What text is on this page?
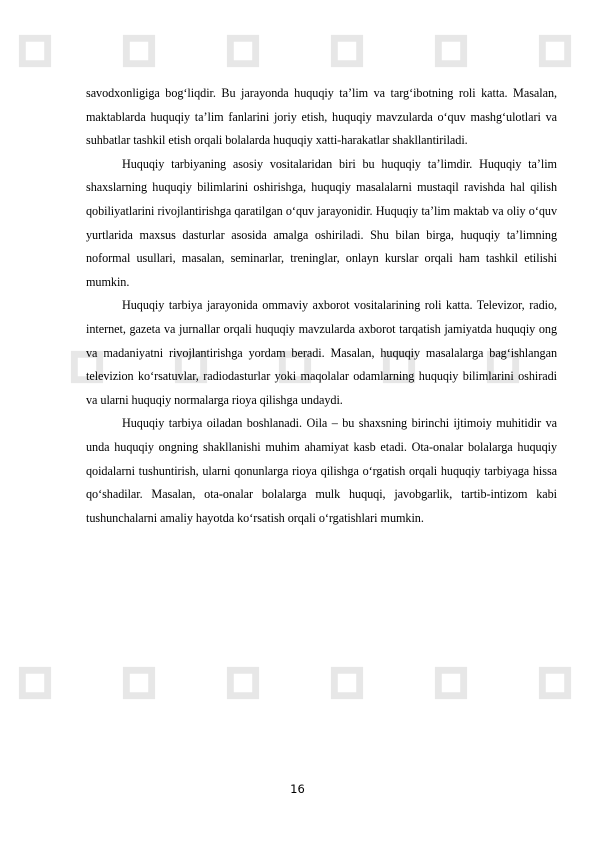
savodxonligiga bog‘liqdir. Bu jarayonda huquqiy ta’lim va targ‘ibotning roli katta. Masalan, maktablarda huquqiy ta’lim fanlarini joriy etish, huquqiy mavzularda o‘quv mashg‘ulotlari va suhbatlar tashkil etish orqali bolalarda huquqiy xatti-harakatlar shakllantiriladi.

Huquqiy tarbiyaning asosiy vositalaridan biri bu huquqiy ta’limdir. Huquqiy ta’lim shaxslarning huquqiy bilimlarini oshirishga, huquqiy masalalarni mustaqil ravishda hal qilish qobiliyatlarini rivojlantirishga qaratilgan o‘quv jarayonidir. Huquqiy ta’lim maktab va oliy o‘quv yurtlarida maxsus dasturlar asosida amalga oshiriladi. Shu bilan birga, huquqiy ta’limning noformal usullari, masalan, seminarlar, treninglar, onlayn kurslar orqali ham tashkil etilishi mumkin.

Huquqiy tarbiya jarayonida ommaviy axborot vositalarining roli katta. Televizor, radio, internet, gazeta va jurnallar orqali huquqiy mavzularda axborot tarqatish jamiyatda huquqiy ong va madaniyatni rivojlantirishga yordam beradi. Masalan, huquqiy masalalarga bag‘ishlangan televizion ko‘rsatuvlar, radiodasturlar yoki maqolalar odamlarning huquqiy bilimlarini oshiradi va ularni huquqiy normalarga rioya qilishga undaydi.

Huquqiy tarbiya oiladan boshlanadi. Oila – bu shaxsning birinchi ijtimoiy muhitidir va unda huquqiy ongning shakllanishi muhim ahamiyat kasb etadi. Ota-onalar bolalarga huquqiy qoidalarni tushuntirish, ularni qonunlarga rioya qilishga o‘rgatish orqali huquqiy tarbiyaga hissa qo‘shadilar. Masalan, ota-onalar bolalarga mulk huquqi, javobgarlik, tartib-intizom kabi tushunchalarni amaliy hayotda ko‘rsatish orqali o‘rgatishlari mumkin.

16
